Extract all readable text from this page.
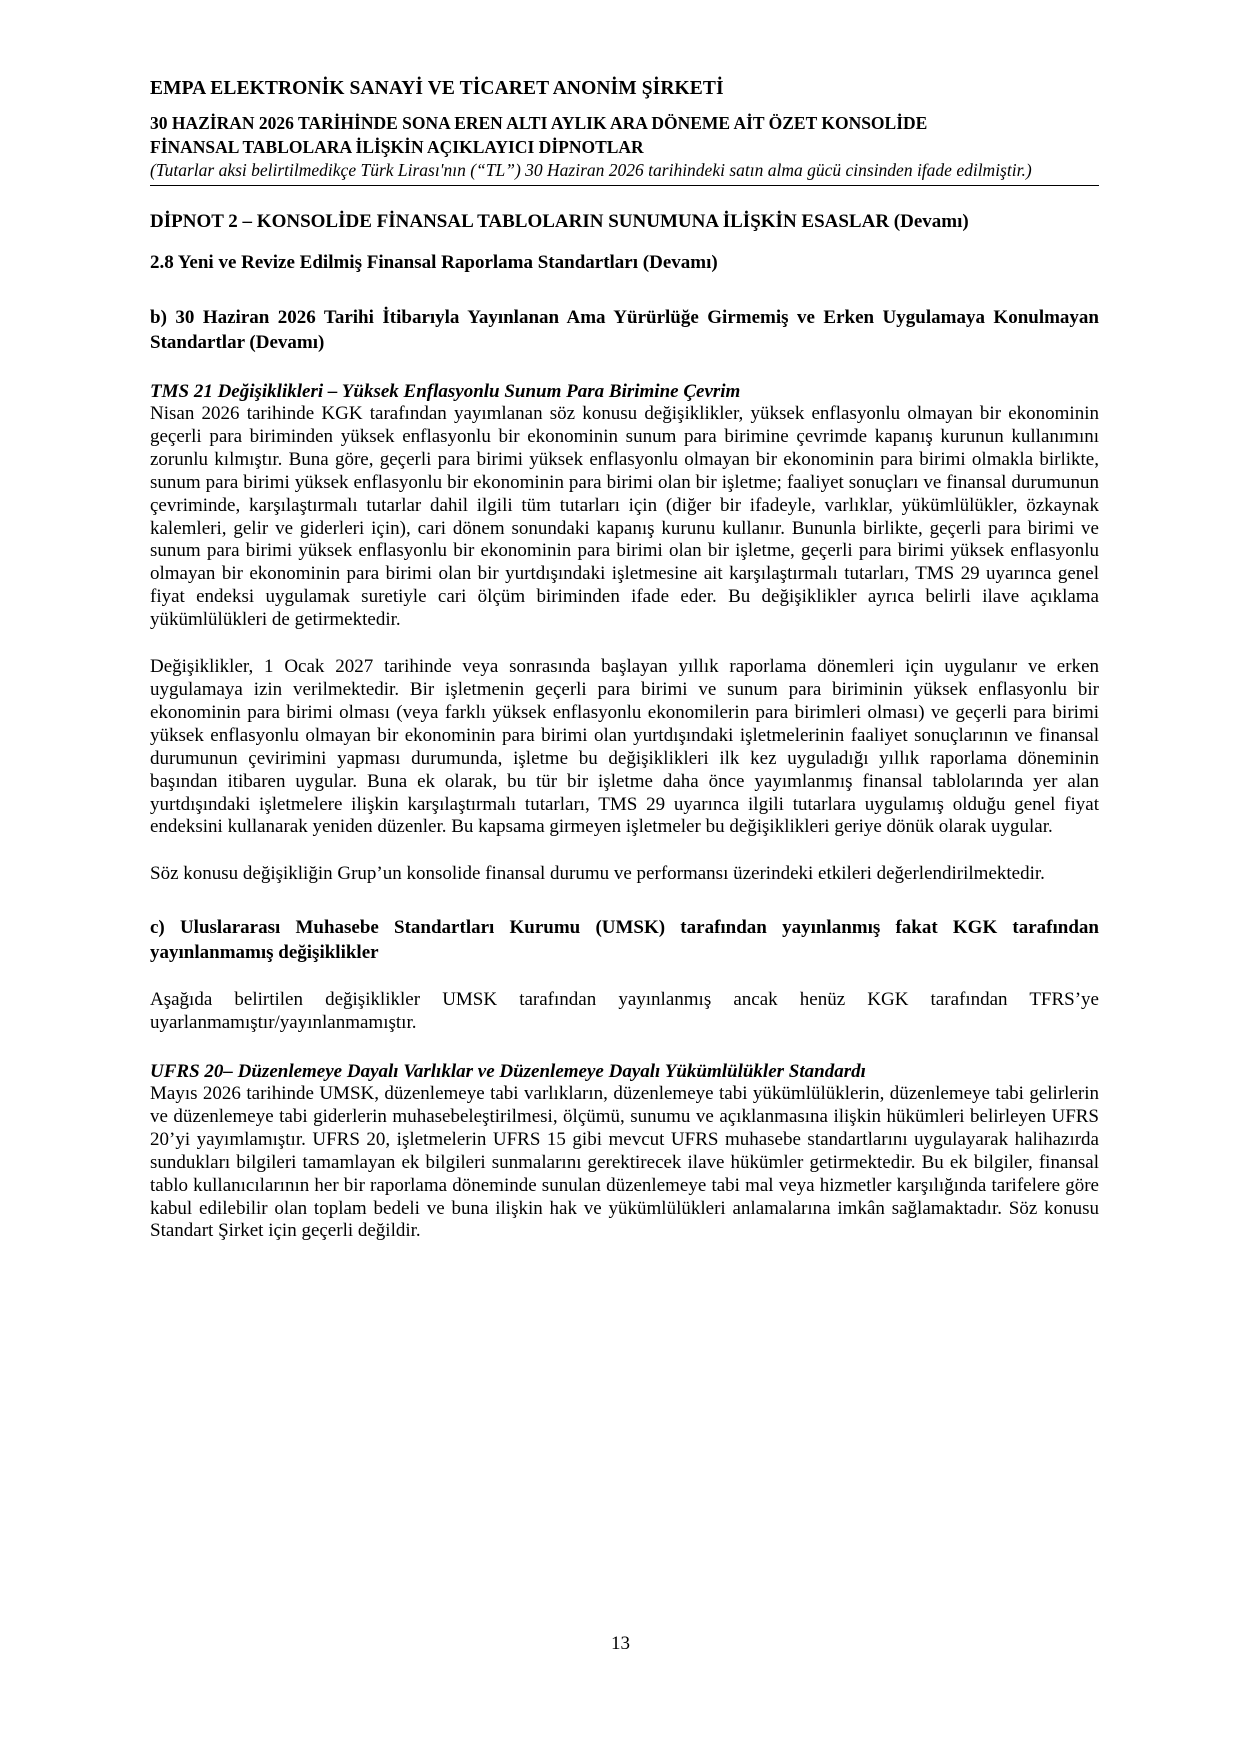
EMPA ELEKTRONİK SANAYİ VE TİCARET ANONİM ŞİRKETİ
30 HAZİRAN 2026 TARİHİNDE SONA EREN ALTI AYLIK ARA DÖNEME AİT ÖZET KONSOLİDE
FİNANSAL TABLOLARA İLİŞKİN AÇIKLAYICI DİPNOTLAR
(Tutarlar aksi belirtilmedikçe Türk Lirası'nın (“TL”) 30 Haziran 2026 tarihindeki satın alma gücü cinsinden ifade edilmiştir.)
DİPNOT 2 – KONSOLİDE FİNANSAL TABLOLARIN SUNUMUNA İLİŞKİN ESASLAR (Devamı)
2.8 Yeni ve Revize Edilmiş Finansal Raporlama Standartları (Devamı)
b) 30 Haziran 2026 Tarihi İtibarıyla Yayınlanan Ama Yürürlüğe Girmemiş ve Erken Uygulamaya Konulmayan Standartlar (Devamı)
TMS 21 Değişiklikleri – Yüksek Enflasyonlu Sunum Para Birimine Çevrim
Nisan 2026 tarihinde KGK tarafından yayımlanan söz konusu değişiklikler, yüksek enflasyonlu olmayan bir ekonominin geçerli para biriminden yüksek enflasyonlu bir ekonominin sunum para birimine çevrimde kapanış kurunun kullanımını zorunlu kılmıştır. Buna göre, geçerli para birimi yüksek enflasyonlu olmayan bir ekonominin para birimi olmakla birlikte, sunum para birimi yüksek enflasyonlu bir ekonominin para birimi olan bir işletme; faaliyet sonuçları ve finansal durumunun çevriminde, karşılaştırmalı tutarlar dahil ilgili tüm tutarları için (diğer bir ifadeyle, varlıklar, yükümlülükler, özkaynak kalemleri, gelir ve giderleri için), cari dönem sonundaki kapanış kurunu kullanır. Bununla birlikte, geçerli para birimi ve sunum para birimi yüksek enflasyonlu bir ekonominin para birimi olan bir işletme, geçerli para birimi yüksek enflasyonlu olmayan bir ekonominin para birimi olan bir yurtdışındaki işletmesine ait karşılaştırmalı tutarları, TMS 29 uyarınca genel fiyat endeksi uygulamak suretiyle cari ölçüm biriminden ifade eder. Bu değişiklikler ayrıca belirli ilave açıklama yükümlülükleri de getirmektedir.
Değişiklikler, 1 Ocak 2027 tarihinde veya sonrasında başlayan yıllık raporlama dönemleri için uygulanır ve erken uygulamaya izin verilmektedir. Bir işletmenin geçerli para birimi ve sunum para biriminin yüksek enflasyonlu bir ekonominin para birimi olması (veya farklı yüksek enflasyonlu ekonomilerin para birimleri olması) ve geçerli para birimi yüksek enflasyonlu olmayan bir ekonominin para birimi olan yurtdışındaki işletmelerinin faaliyet sonuçlarının ve finansal durumunun çevirimini yapması durumunda, işletme bu değişiklikleri ilk kez uyguladığı yıllık raporlama döneminin başından itibaren uygular. Buna ek olarak, bu tür bir işletme daha önce yayımlanmış finansal tablolarında yer alan yurtdışındaki işletmelere ilişkin karşılaştırmalı tutarları, TMS 29 uyarınca ilgili tutarlara uygulamış olduğu genel fiyat endeksini kullanarak yeniden düzenler. Bu kapsama girmeyen işletmeler bu değişiklikleri geriye dönük olarak uygular.
Söz konusu değişikliğin Grup’un konsolide finansal durumu ve performansı üzerindeki etkileri değerlendirilmektedir.
c) Uluslararası Muhasebe Standartları Kurumu (UMSK) tarafından yayınlanmış fakat KGK tarafından yayınlanmamış değişiklikler
Aşağıda belirtilen değişiklikler UMSK tarafından yayınlanmış ancak henüz KGK tarafından TFRS’ye uyarlanmamıştır/yayınlanmamıştır.
UFRS 20– Düzenlemeye Dayalı Varlıklar ve Düzenlemeye Dayalı Yükümlülükler Standardı
Mayıs 2026 tarihinde UMSK, düzenlemeye tabi varlıkların, düzenlemeye tabi yükümlülüklerin, düzenlemeye tabi gelirlerin ve düzenlemeye tabi giderlerin muhasebeleştirilmesi, ölçümü, sunumu ve açıklanmasına ilişkin hükümleri belirleyen UFRS 20’yi yayımlamıştır. UFRS 20, işletmelerin UFRS 15 gibi mevcut UFRS muhasebe standartlarını uygulayarak halihazırda sundukları bilgileri tamamlayan ek bilgileri sunmalarını gerektirecek ilave hükümler getirmektedir. Bu ek bilgiler, finansal tablo kullanıcılarının her bir raporlama döneminde sunulan düzenlemeye tabi mal veya hizmetler karşılığında tarifelere göre kabul edilebilir olan toplam bedeli ve buna ilişkin hak ve yükümlülükleri anlamalarına imkân sağlamaktadır. Söz konusu Standart Şirket için geçerli değildir.
13
